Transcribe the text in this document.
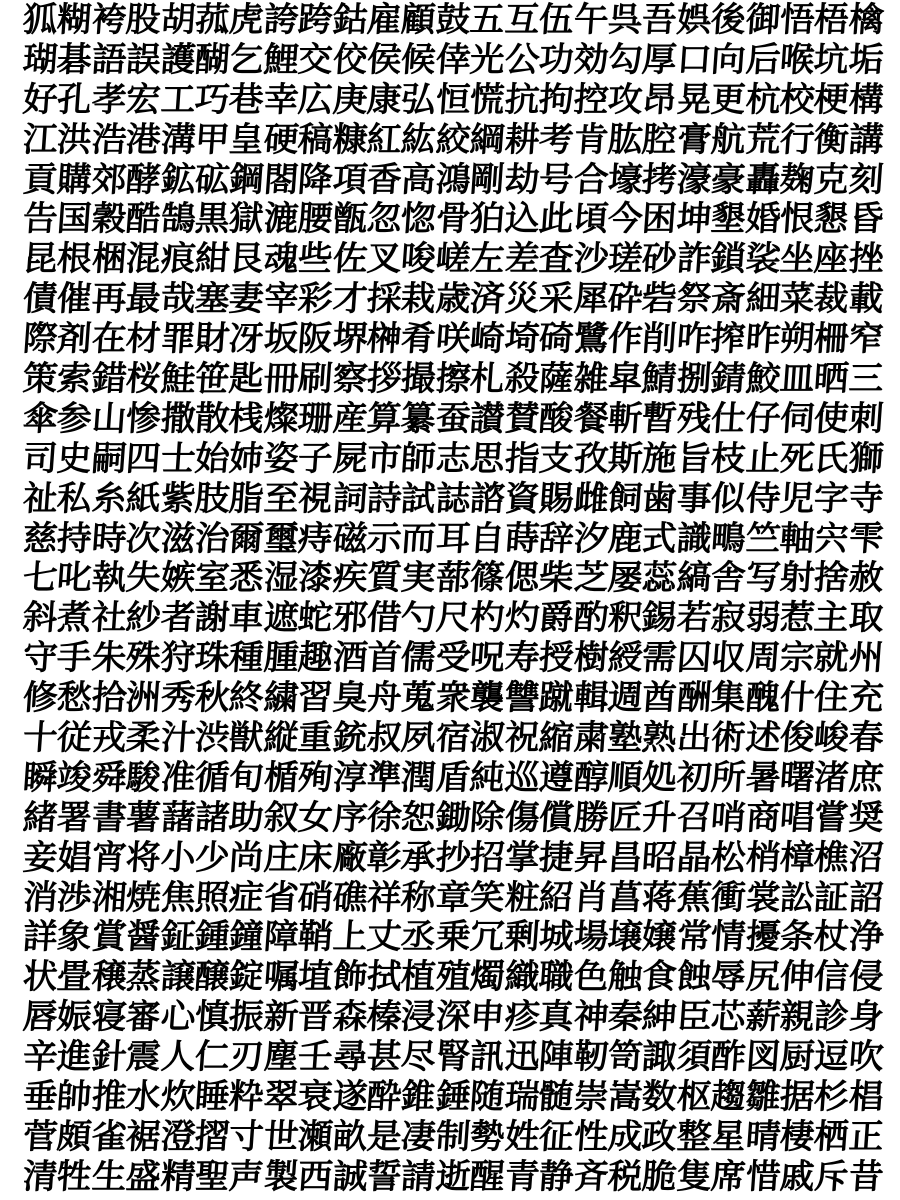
狐
糊
袴
股
胡
菰
虎
誇
跨
鈷
雇
顧
鼓
五
互
伍
午
呉
吾
娯
後
御
悟
梧
檎
瑚
碁
語
誤
護
醐
乞
鯉
交
佼
侯
候
倖
光
公
功
効
勾
厚
口
向
后
喉
坑
垢
好
孔
孝
宏
工
巧
巷
幸
広
庚
康
弘
恒
慌
抗
拘
控
攻
昂
晃
更
杭
校
梗
構
江
洪
浩
港
溝
甲
皇
硬
稿
糠
紅
紘
絞
綱
耕
考
肯
肱
腔
膏
航
荒
行
衡
講
貢
購
郊
酵
鉱
砿
鋼
閤
降
項
香
高
鴻
剛
劫
号
合
壕
拷
濠
豪
轟
麹
克
刻
告
国
穀
酷
鵠
黒
獄
漉
腰
甑
忽
惚
骨
狛
込
此
頃
今
困
坤
墾
婚
恨
懇
昏
昆
根
梱
混
痕
紺
艮
魂
些
佐
叉
唆
嵯
左
差
査
沙
瑳
砂
詐
鎖
裟
坐
座
挫
債
催
再
最
哉
塞
妻
宰
彩
才
採
栽
歳
済
災
采
犀
砕
砦
祭
斎
細
菜
裁
載
際
剤
在
材
罪
財
冴
坂
阪
堺
榊
肴
咲
崎
埼
碕
鷺
作
削
咋
搾
昨
朔
柵
窄
策
索
錯
桜
鮭
笹
匙
冊
刷
察
拶
撮
擦
札
殺
薩
雑
皐
鯖
捌
錆
鮫
皿
晒
三
傘
参
山
惨
撒
散
桟
燦
珊
産
算
纂
蚕
讃
賛
酸
餐
斬
暫
残
仕
仔
伺
使
刺
司
史
嗣
四
士
始
姉
姿
子
屍
市
師
志
思
指
支
孜
斯
施
旨
枝
止
死
氏
獅
祉
私
糸
紙
紫
肢
脂
至
視
詞
詩
試
誌
諮
資
賜
雌
飼
歯
事
似
侍
児
字
寺
慈
持
時
次
滋
治
爾
璽
痔
磁
示
而
耳
自
蒔
辞
汐
鹿
式
識
鴫
竺
軸
宍
雫
七
叱
執
失
嫉
室
悉
湿
漆
疾
質
実
蔀
篠
偲
柴
芝
屡
蕊
縞
舎
写
射
捨
赦
斜
煮
社
紗
者
謝
車
遮
蛇
邪
借
勺
尺
杓
灼
爵
酌
釈
錫
若
寂
弱
惹
主
取
守
手
朱
殊
狩
珠
種
腫
趣
酒
首
儒
受
呪
寿
授
樹
綬
需
囚
収
周
宗
就
州
修
愁
拾
洲
秀
秋
終
繍
習
臭
舟
蒐
衆
襲
讐
蹴
輯
週
酋
酬
集
醜
什
住
充
十
従
戎
柔
汁
渋
獣
縦
重
銃
叔
夙
宿
淑
祝
縮
粛
塾
熟
出
術
述
俊
峻
春
瞬
竣
舜
駿
准
循
旬
楯
殉
淳
準
潤
盾
純
巡
遵
醇
順
処
初
所
暑
曙
渚
庶
緒
署
書
薯
藷
諸
助
叙
女
序
徐
恕
鋤
除
傷
償
勝
匠
升
召
哨
商
唱
嘗
奨
妾
娼
宵
将
小
少
尚
庄
床
廠
彰
承
抄
招
掌
捷
昇
昌
昭
晶
松
梢
樟
樵
沼
消
渉
湘
焼
焦
照
症
省
硝
礁
祥
称
章
笑
粧
紹
肖
菖
蒋
蕉
衝
裳
訟
証
詔
詳
象
賞
醤
鉦
鍾
鐘
障
鞘
上
丈
丞
乗
冗
剰
城
場
壌
嬢
常
情
擾
条
杖
浄
状
畳
穣
蒸
譲
醸
錠
嘱
埴
飾
拭
植
殖
燭
織
職
色
触
食
蝕
辱
尻
伸
信
侵
唇
娠
寝
審
心
慎
振
新
晋
森
榛
浸
深
申
疹
真
神
秦
紳
臣
芯
薪
親
診
身
辛
進
針
震
人
仁
刃
塵
壬
尋
甚
尽
腎
訊
迅
陣
靭
笥
諏
須
酢
図
厨
逗
吹
垂
帥
推
水
炊
睡
粋
翠
衰
遂
酔
錐
錘
随
瑞
髄
崇
嵩
数
枢
趨
雛
据
杉
椙
菅
頗
雀
裾
澄
摺
寸
世
瀬
畝
是
凄
制
勢
姓
征
性
成
政
整
星
晴
棲
栖
正
清
牲
生
盛
精
聖
声
製
西
誠
誓
請
逝
醒
青
静
斉
税
脆
隻
席
惜
戚
斥
昔
